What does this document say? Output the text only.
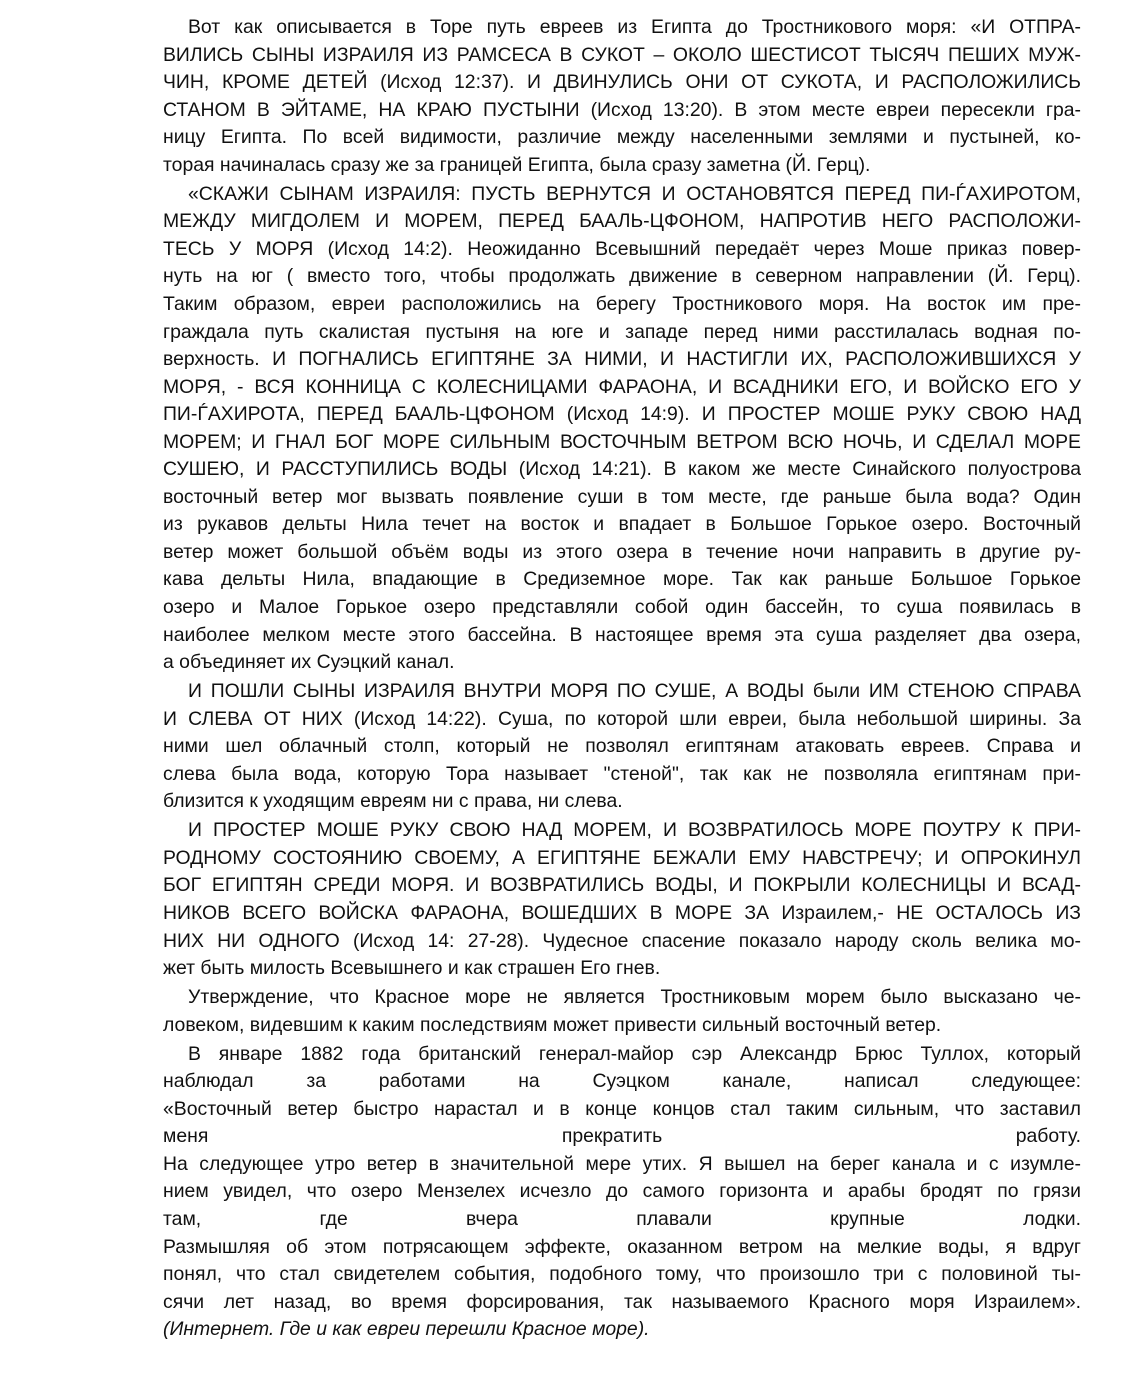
Вот как описывается в Торе путь евреев из Египта до Тростникового моря: «И ОТПРА-
ВИЛИСЬ СЫНЫ ИЗРАИЛЯ ИЗ РАМСЕСА В СУКОТ – ОКОЛО ШЕСТИСОТ ТЫСЯЧ ПЕШИХ МУЖ-
ЧИН, КРОМЕ ДЕТЕЙ (Исход 12:37). И ДВИНУЛИСЬ ОНИ ОТ СУКОТА, И РАСПОЛОЖИЛИСЬ
СТАНОМ В ЭЙТАМЕ, НА КРАЮ ПУСТЫНИ (Исход 13:20). В этом месте евреи пересекли гра-
ницу Египта. По всей видимости, различие между населенными землями и пустыней, ко-
торая начиналась сразу же за границей Египта, была сразу заметна (Й. Герц).
«СКАЖИ СЫНАМ ИЗРАИЛЯ: ПУСТЬ ВЕРНУТСЯ И ОСТАНОВЯТСЯ ПЕРЕД ПИ-ЃАХИРОТОМ,
МЕЖДУ МИГДОЛЕМ И МОРЕМ, ПЕРЕД БААЛЬ-ЦФОНОМ, НАПРОТИВ НЕГО РАСПОЛОЖИ-
ТЕСЬ У МОРЯ (Исход 14:2). Неожиданно Всевышний передаёт через Моше приказ повер-
нуть на юг ( вместо того, чтобы продолжать движение в северном направлении (Й. Герц).
Таким образом, евреи расположились на берегу Тростникового моря. На восток им пре-
граждала путь скалистая пустыня на юге и западе перед ними расстилалась водная по-
верхность. И ПОГНАЛИСЬ ЕГИПТЯНЕ ЗА НИМИ, И НАСТИГЛИ ИХ, РАСПОЛОЖИВШИХСЯ У
МОРЯ, - ВСЯ КОННИЦА С КОЛЕСНИЦАМИ ФАРАОНА, И ВСАДНИКИ ЕГО, И ВОЙСКО ЕГО У
ПИ-ЃАХИРОТА, ПЕРЕД БААЛЬ-ЦФОНОМ (Исход 14:9). И ПРОСТЕР МОШЕ РУКУ СВОЮ НАД
МОРЕМ; И ГНАЛ БОГ МОРЕ СИЛЬНЫМ ВОСТОЧНЫМ ВЕТРОМ ВСЮ НОЧЬ, И СДЕЛАЛ МОРЕ
СУШЕЮ, И РАССТУПИЛИСЬ ВОДЫ (Исход 14:21). В каком же месте Синайского полуострова
восточный ветер мог вызвать появление суши в том месте, где раньше была вода? Один
из рукавов дельты Нила течет на восток и впадает в Большое Горькое озеро. Восточный
ветер может большой объём воды из этого озера в течение ночи направить в другие ру-
кава дельты Нила, впадающие в Средиземное море. Так как раньше Большое Горькое
озеро и Малое Горькое озеро представляли собой один бассейн, то суша появилась в
наиболее мелком месте этого бассейна. В настоящее время эта суша разделяет два озера,
а объединяет их Суэцкий канал.
И ПОШЛИ СЫНЫ ИЗРАИЛЯ ВНУТРИ МОРЯ ПО СУШЕ, А ВОДЫ были ИМ СТЕНОЮ СПРАВА
И СЛЕВА ОТ НИХ (Исход 14:22). Суша, по которой шли евреи, была небольшой ширины. За
ними шел облачный столп, который не позволял египтянам атаковать евреев. Справа и
слева была вода, которую Тора называет "стеной", так как не позволяла египтянам при-
близится к уходящим евреям ни с права, ни слева.
И ПРОСТЕР МОШЕ РУКУ СВОЮ НАД МОРЕМ, И ВОЗВРАТИЛОСЬ МОРЕ ПОУТРУ К ПРИ-
РОДНОМУ СОСТОЯНИЮ СВОЕМУ, А ЕГИПТЯНЕ БЕЖАЛИ ЕМУ НАВСТРЕЧУ; И ОПРОКИНУЛ
БОГ ЕГИПТЯН СРЕДИ МОРЯ. И ВОЗВРАТИЛИСЬ ВОДЫ, И ПОКРЫЛИ КОЛЕСНИЦЫ И ВСАД-
НИКОВ ВСЕГО ВОЙСКА ФАРАОНА, ВОШЕДШИХ В МОРЕ ЗА Израилем,- НЕ ОСТАЛОСЬ ИЗ
НИХ НИ ОДНОГО (Исход 14: 27-28). Чудесное спасение показало народу сколь велика мо-
жет быть милость Всевышнего и как страшен Его гнев.
Утверждение, что Красное море не является Тростниковым морем было высказано че-
ловеком, видевшим к каким последствиям может привести сильный восточный ветер.
В январе 1882 года британский генерал-майор сэр Александр Брюс Туллох, который
наблюдал за работами на Суэцком канале, написал следующее:
«Восточный ветер быстро нарастал и в конце концов стал таким сильным, что заставил
меня прекратить работу.
На следующее утро ветер в значительной мере утих. Я вышел на берег канала и с изумле-
нием увидел, что озеро Мензелех исчезло до самого горизонта и арабы бродят по грязи
там, где вчера плавали крупные лодки.
Размышляя об этом потрясающем эффекте, оказанном ветром на мелкие воды, я вдруг
понял, что стал свидетелем события, подобного тому, что произошло три с половиной ты-
сячи лет назад, во время форсирования, так называемого Красного моря Израилем».
(Интернет. Где и как евреи перешли Красное море).
